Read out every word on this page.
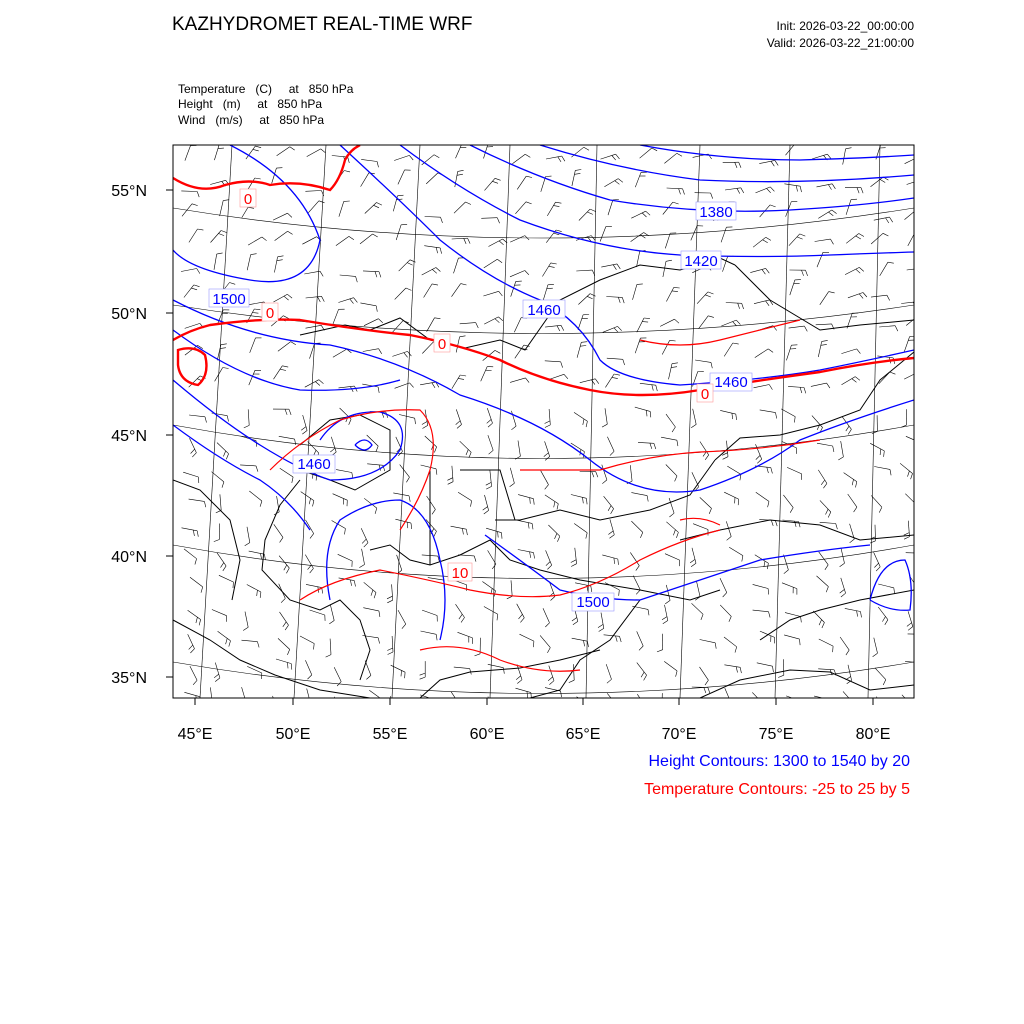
KAZHYDROMET REAL-TIME WRF	Init: 2026-03-22_00:00:00
Valid: 2026-03-22_21:00:00
Temperature   (C)     at   850 hPa
Height   (m)     at   850 hPa
Wind   (m/s)     at   850 hPa
55°N
50°N
45°N
40°N
35°N
45°E	50°E	55°E	60°E	65°E	70°E	75°E	80°E
1380
1420
1500
1460
1460
1460
1500
0
0
0
0
10
Height Contours: 1300 to 1540 by 20
Temperature Contours: -25 to 25 by 5
